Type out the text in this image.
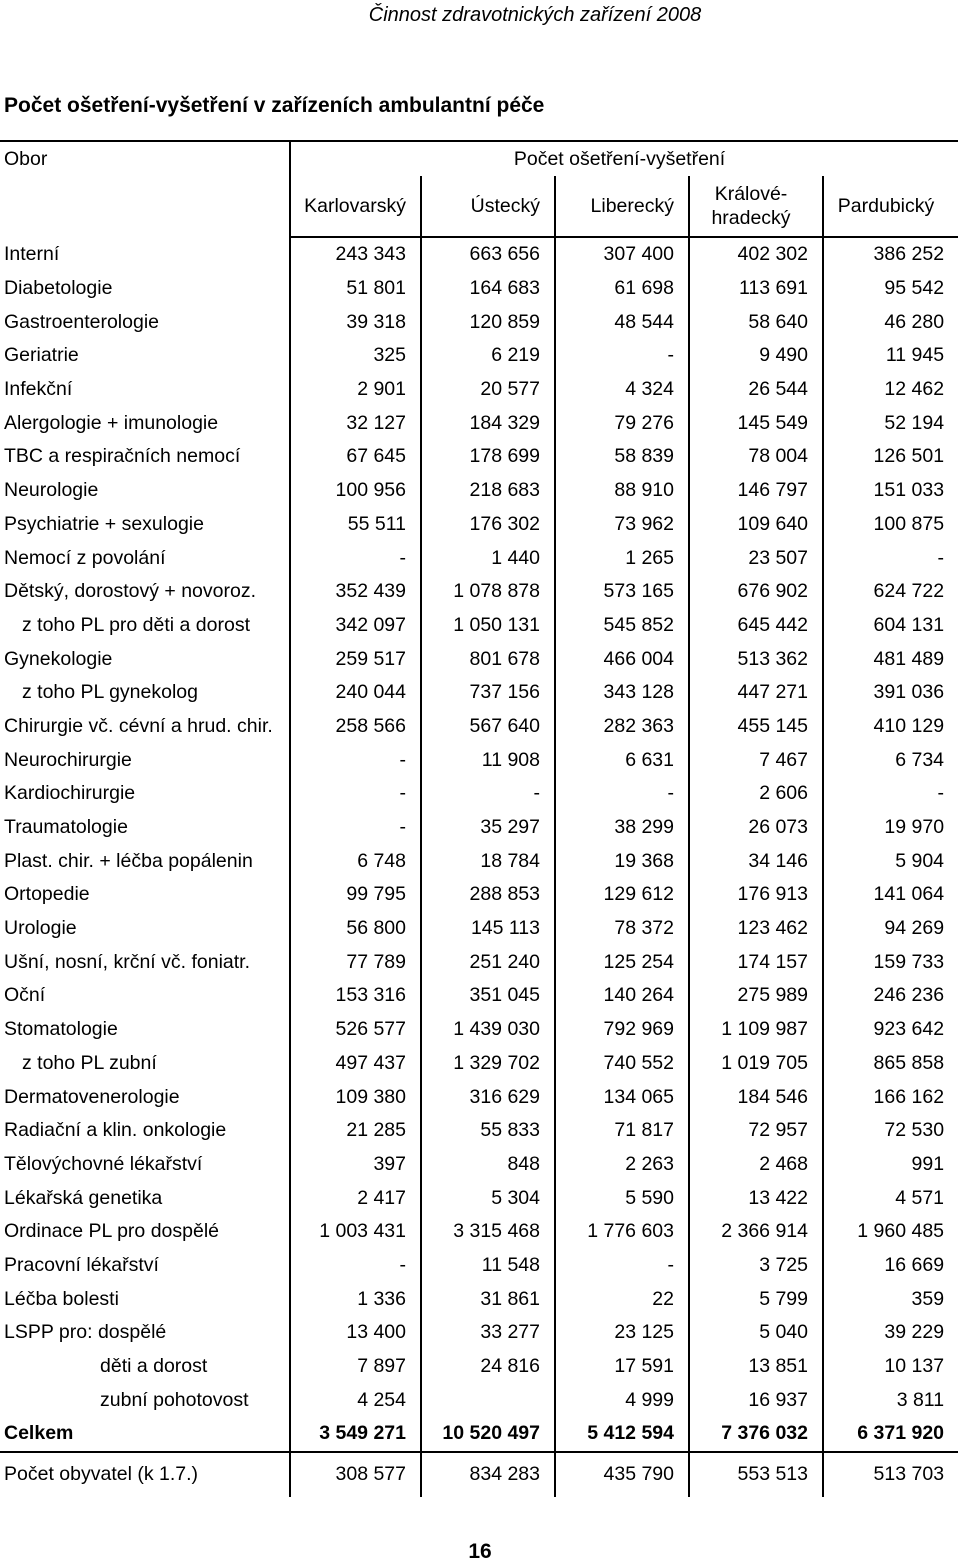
Činnost zdravotnických zařízení 2008
Počet ošetření-vyšetření v zařízeních ambulantní péče
Obor	Počet ošetření-vyšetření				
	Karlovarský	Ústecký	Liberecký	Králové-
hradecký	Pardubický
Interní	243 343	663 656	307 400	402 302	386 252
Diabetologie	51 801	164 683	61 698	113 691	95 542
Gastroenterologie	39 318	120 859	48 544	58 640	46 280
Geriatrie	325	6 219	-	9 490	11 945
Infekční	2 901	20 577	4 324	26 544	12 462
Alergologie + imunologie	32 127	184 329	79 276	145 549	52 194
TBC a respiračních nemocí	67 645	178 699	58 839	78 004	126 501
Neurologie	100 956	218 683	88 910	146 797	151 033
Psychiatrie + sexulogie	55 511	176 302	73 962	109 640	100 875
Nemocí z povolání	-	1 440	1 265	23 507	-
Dětský, dorostový + novoroz.	352 439	1 078 878	573 165	676 902	624 722
z toho PL pro děti a dorost	342 097	1 050 131	545 852	645 442	604 131
Gynekologie	259 517	801 678	466 004	513 362	481 489
z toho PL gynekolog	240 044	737 156	343 128	447 271	391 036
Chirurgie vč. cévní a hrud. chir.	258 566	567 640	282 363	455 145	410 129
Neurochirurgie	-	11 908	6 631	7 467	6 734
Kardiochirurgie	-	-	-	2 606	-
Traumatologie	-	35 297	38 299	26 073	19 970
Plast. chir. + léčba popálenin	6 748	18 784	19 368	34 146	5 904
Ortopedie	99 795	288 853	129 612	176 913	141 064
Urologie	56 800	145 113	78 372	123 462	94 269
Ušní, nosní, krční vč. foniatr.	77 789	251 240	125 254	174 157	159 733
Oční	153 316	351 045	140 264	275 989	246 236
Stomatologie	526 577	1 439 030	792 969	1 109 987	923 642
z toho PL zubní	497 437	1 329 702	740 552	1 019 705	865 858
Dermatovenerologie	109 380	316 629	134 065	184 546	166 162
Radiační a klin. onkologie	21 285	55 833	71 817	72 957	72 530
Tělovýchovné lékařství	397	848	2 263	2 468	991
Lékařská genetika	2 417	5 304	5 590	13 422	4 571
Ordinace PL pro dospělé	1 003 431	3 315 468	1 776 603	2 366 914	1 960 485
Pracovní lékařství	-	11 548	-	3 725	16 669
Léčba bolesti	1 336	31 861	22	5 799	359
LSPP pro: dospělé	13 400	33 277	23 125	5 040	39 229
děti a dorost	7 897	24 816	17 591	13 851	10 137
zubní pohotovost	4 254		4 999	16 937	3 811
Celkem	3 549 271	10 520 497	5 412 594	7 376 032	6 371 920
Počet obyvatel (k 1.7.)	308 577	834 283	435 790	553 513	513 703
16
